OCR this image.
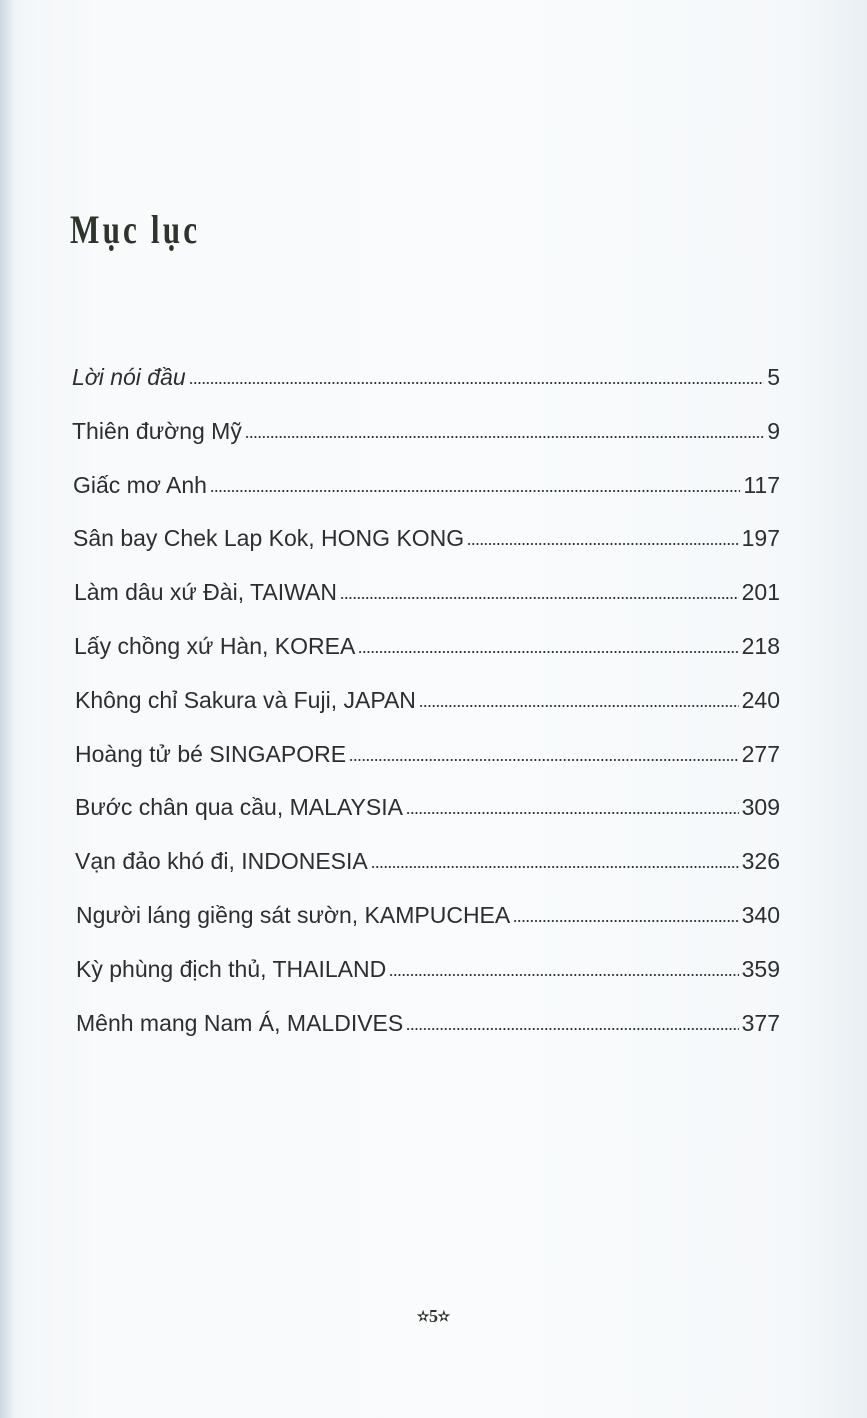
Mục lục
Lời nói đầu	5
Thiên đường Mỹ	9
Giấc mơ Anh	117
Sân bay Chek Lap Kok, HONG KONG	197
Làm dâu xứ Đài, TAIWAN	201
Lấy chồng xứ Hàn, KOREA	218
Không chỉ Sakura và Fuji, JAPAN	240
Hoàng tử bé SINGAPORE	277
Bước chân qua cầu, MALAYSIA	309
Vạn đảo khó đi, INDONESIA	326
Người láng giềng sát sườn, KAMPUCHEA	340
Kỳ phùng địch thủ, THAILAND	359
Mênh mang Nam Á, MALDIVES	377
✫5✫
